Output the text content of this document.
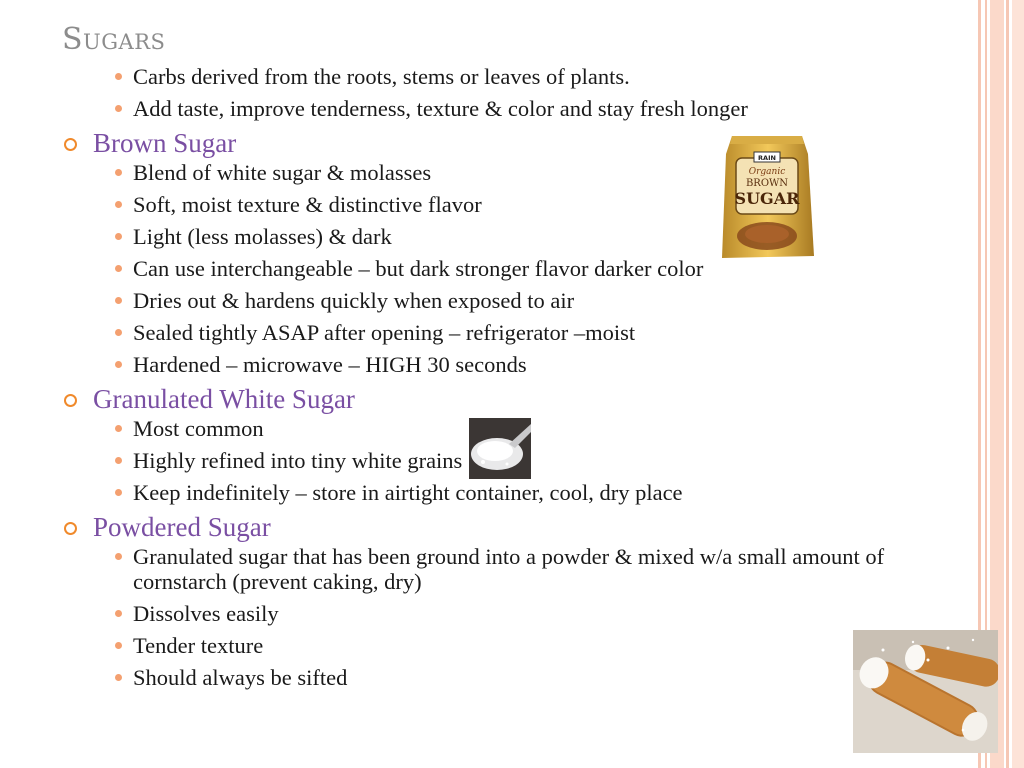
Sugars
Carbs derived from the roots, stems or leaves of plants.
Add taste, improve tenderness, texture & color and stay fresh longer
Brown Sugar
Blend of white sugar & molasses
Soft, moist texture & distinctive flavor
Light (less molasses) & dark
Can use interchangeable – but dark stronger flavor darker color
Dries out & hardens quickly when exposed to air
Sealed tightly ASAP after opening – refrigerator –moist
Hardened – microwave – HIGH 30 seconds
Granulated White Sugar
Most common
Highly refined into tiny white grains
Keep indefinitely – store in airtight container, cool, dry place
Powdered Sugar
Granulated sugar that has been ground into a powder & mixed w/a small amount of cornstarch (prevent caking, dry)
Dissolves easily
Tender texture
Should always be sifted
RAIN
Organic
BROWN
SUGAR
